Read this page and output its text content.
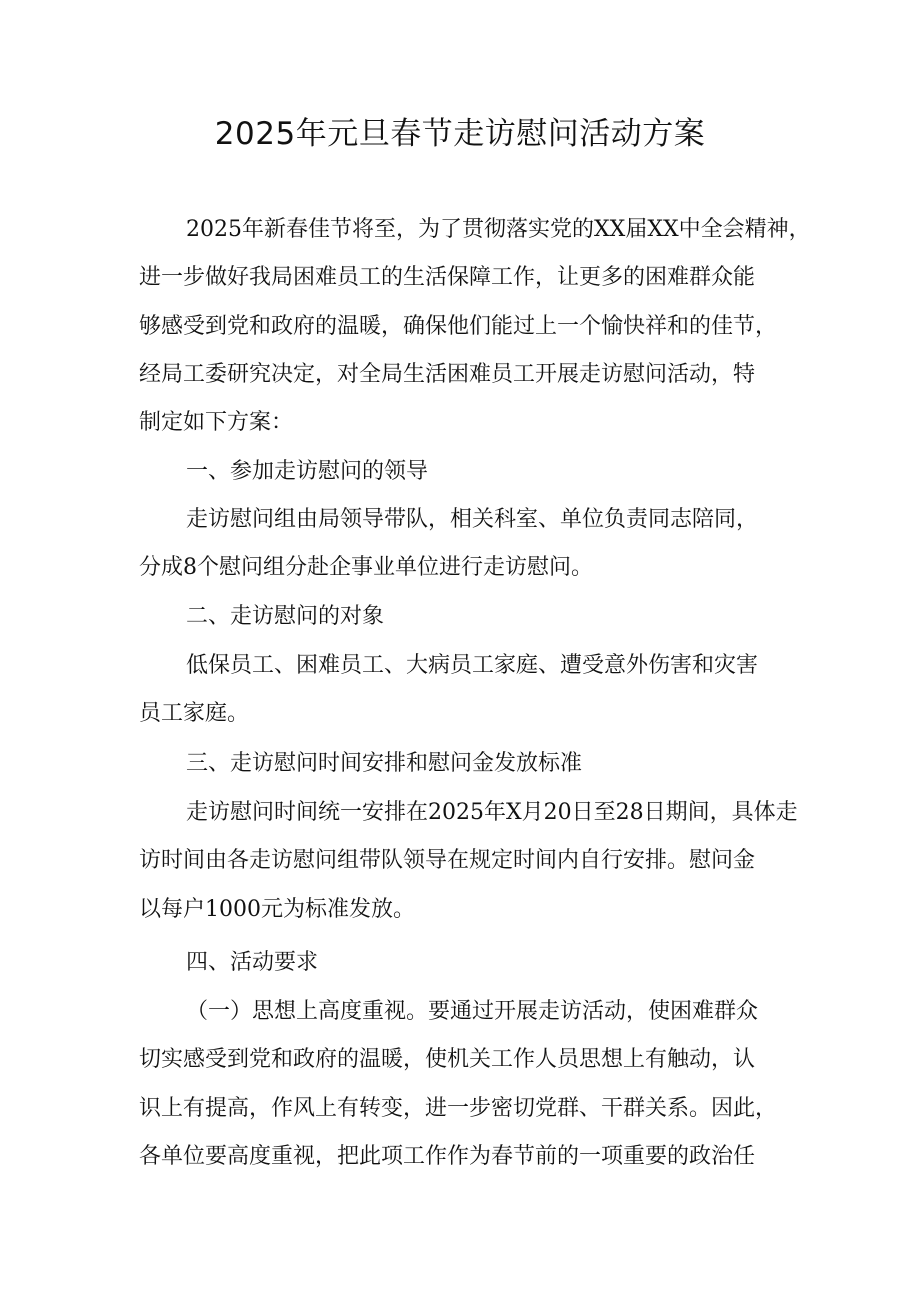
2025年元旦春节走访慰问活动方案
2025年新春佳节将至，为了贯彻落实党的XX届XX中全会精神，
进一步做好我局困难员工的生活保障工作，让更多的困难群众能
够感受到党和政府的温暖，确保他们能过上一个愉快祥和的佳节，
经局工委研究决定，对全局生活困难员工开展走访慰问活动，特
制定如下方案：
一、参加走访慰问的领导
走访慰问组由局领导带队，相关科室、单位负责同志陪同，
分成8个慰问组分赴企事业单位进行走访慰问。
二、走访慰问的对象
低保员工、困难员工、大病员工家庭、遭受意外伤害和灾害
员工家庭。
三、走访慰问时间安排和慰问金发放标准
走访慰问时间统一安排在2025年X月20日至28日期间，具体走
访时间由各走访慰问组带队领导在规定时间内自行安排。慰问金
以每户1000元为标准发放。
四、活动要求
（一）思想上高度重视。要通过开展走访活动，使困难群众
切实感受到党和政府的温暖，使机关工作人员思想上有触动，认
识上有提高，作风上有转变，进一步密切党群、干群关系。因此，
各单位要高度重视，把此项工作作为春节前的一项重要的政治任
